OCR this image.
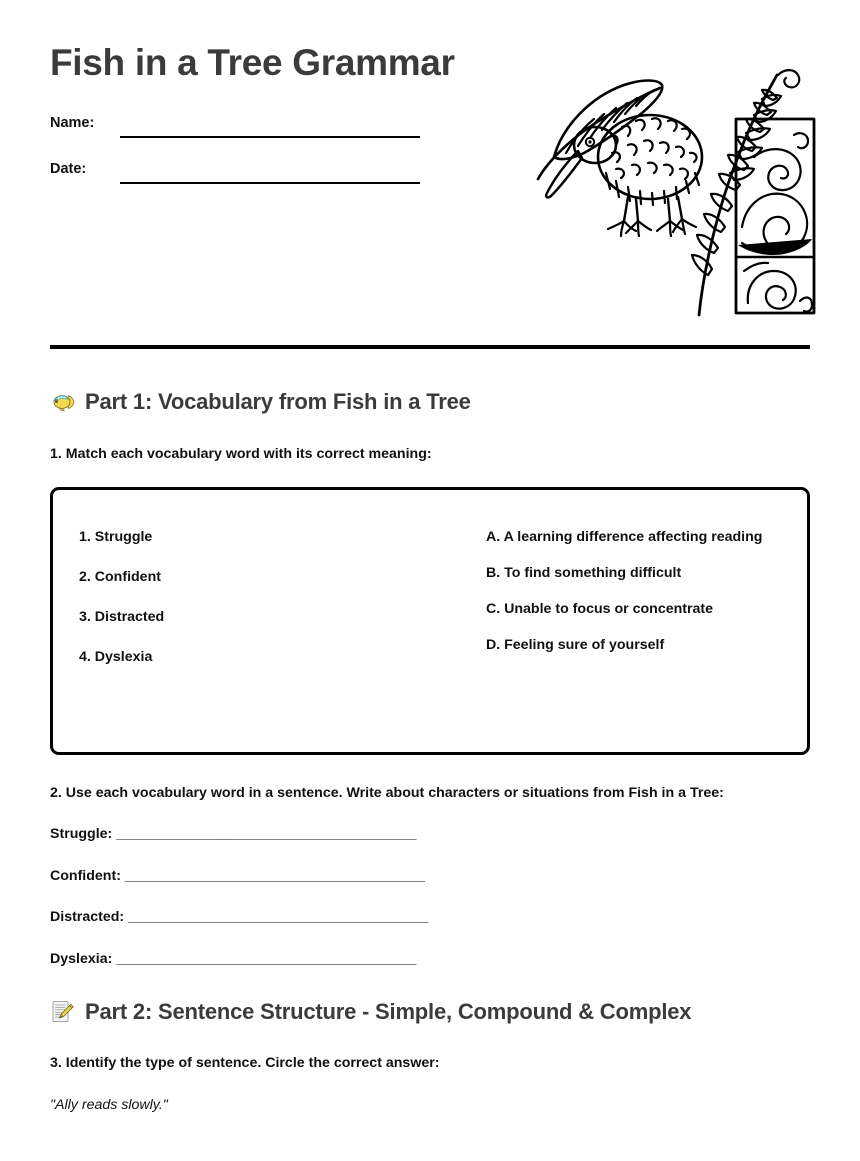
Fish in a Tree Grammar
Name:
Date:
Part 1: Vocabulary from Fish in a Tree
1. Match each vocabulary word with its correct meaning:
1. Struggle
2. Confident
3. Distracted
4. Dyslexia
A. A learning difference affecting reading
B. To find something difficult
C. Unable to focus or concentrate
D. Feeling sure of yourself
2. Use each vocabulary word in a sentence. Write about characters or situations from Fish in a Tree:
Struggle: _______________________________________
Confident: _______________________________________
Distracted: _______________________________________
Dyslexia: _______________________________________
Part 2: Sentence Structure - Simple, Compound & Complex
3. Identify the type of sentence. Circle the correct answer:
"Ally reads slowly."
